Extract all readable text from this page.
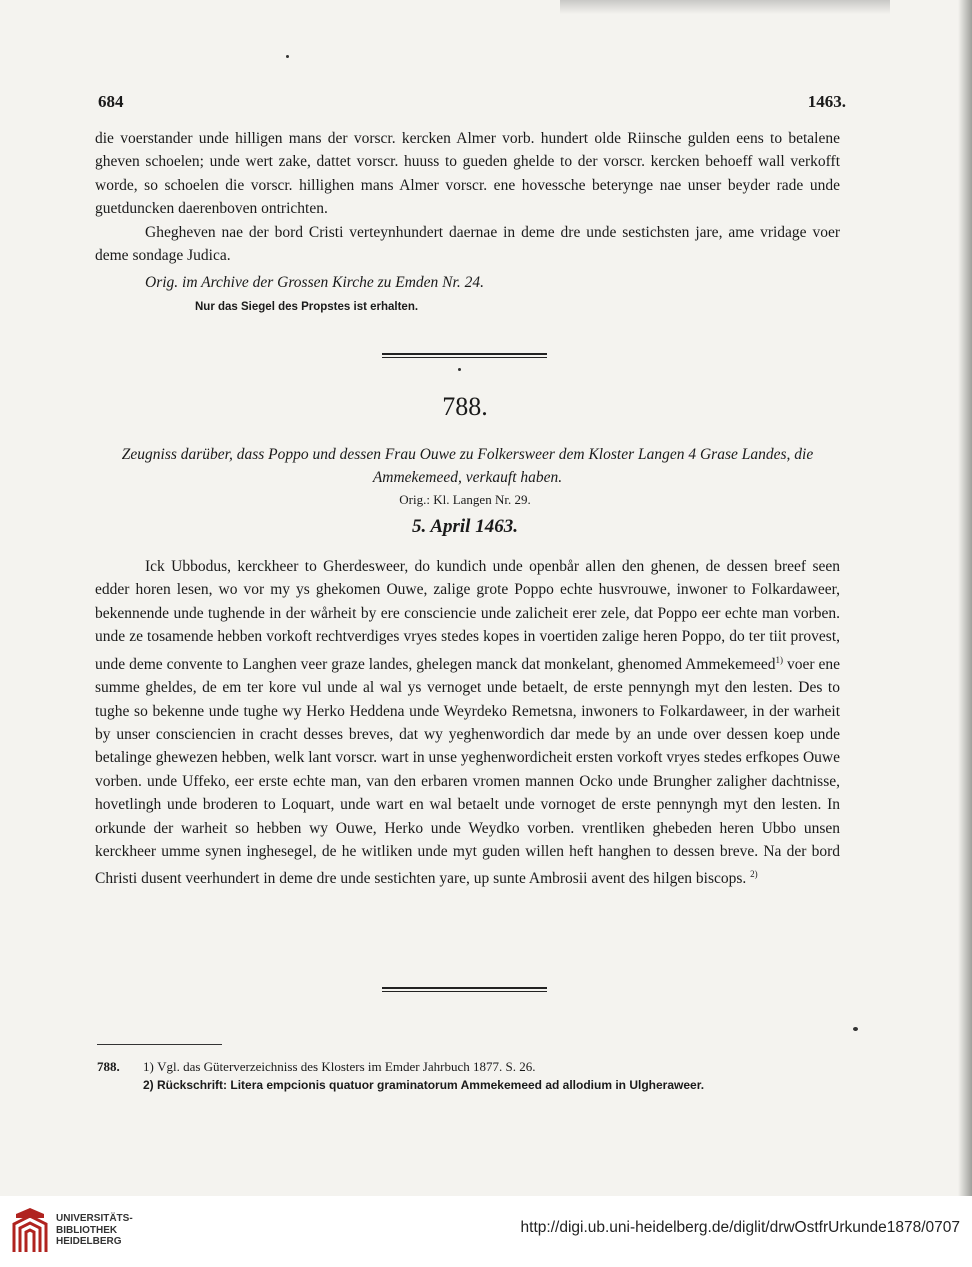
684	1463.

die voerstander unde hilligen mans der vorscr. kercken Almer vorb. hundert olde Riinsche gulden eens to betalene gheven schoelen; unde wert zake, dattet vorscr. huuss to gueden ghelde to der vorscr. kercken behoeff wall verkofft worde, so schoelen die vorscr. hillighen mans Almer vorscr. ene hovessche beterynge nae unser beyder rade unde guetduncken daerenboven ontrichten.

Ghegheven nae der bord Cristi verteynhundert daernae in deme dre unde sestichsten jare, ame vridage voer deme sondage Judica.

Orig. im Archive der Grossen Kirche zu Emden Nr. 24.
Nur das Siegel des Propstes ist erhalten.
788.
Zeugniss darüber, dass Poppo und dessen Frau Ouwe zu Folkersweer dem Kloster Langen 4 Grase Landes, die Ammekemeed, verkauft haben.
Orig.: Kl. Langen Nr. 29.
5. April 1463.

Ick Ubbodus, kerckheer to Gherdesweer, do kundich unde openbår allen den ghenen, de dessen breef seen edder horen lesen, wo vor my ys ghekomen Ouwe, zalige grote Poppo echte husvrouwe, inwoner to Folkardaweer, bekennende unde tughende in der wårheit by ere consciencie unde zalicheit erer zele, dat Poppo eer echte man vorben. unde ze tosamende hebben vorkoft rechtverdiges vryes stedes kopes in voertiden zalige heren Poppo, do ter tiit provest, unde deme convente to Langhen veer graze landes, ghelegen manck dat monkelant, ghenomed Ammekemeed$^{1)}$ voer ene summe gheldes, de em ter kore vul unde al wal ys vernoget unde betaelt, de erste pennyngh myt den lesten. Des to tughe so bekenne unde tughe wy Herko Heddena unde Weyrdeko Remetsna, inwoners to Folkardaweer, in der warheit by unser consciencien in cracht desses breves, dat wy yeghenwordich dar mede by an unde over dessen koep unde betalinge ghewezen hebben, welk lant vorscr. wart in unse yeghenwordicheit ersten vorkoft vryes stedes erfkopes Ouwe vorben. unde Uffeko, eer erste echte man, van den erbaren vromen mannen Ocko unde Brungher zaligher dachtnisse, hovetlingh unde broderen to Loquart, unde wart en wal betaelt unde vornoget de erste pennyngh myt den lesten. In orkunde der warheit so hebben wy Ouwe, Herko unde Weydko vorben. vrentliken ghebeden heren Ubbo unsen kerckheer umme synen inghesegel, de he witliken unde myt guden willen heft hanghen to dessen breve. Na der bord Christi dusent veerhundert in deme dre unde sestichten yare, up sunte Ambrosii avent des hilgen biscops. $^{2)}$

788.	1)
Vgl. das Güterverzeichniss des Klosters im Emder Jahrbuch 1877. S. 26.
2) Rückschrift: Litera empcionis quatuor graminatorum Ammekemeed ad allodium in Ulgheraweer.
UNIVERSITÄTS-
BIBLIOTHEK
HEIDELBERG
http://digi.ub.uni-heidelberg.de/diglit/drwOstfrUrkunde1878/0707
